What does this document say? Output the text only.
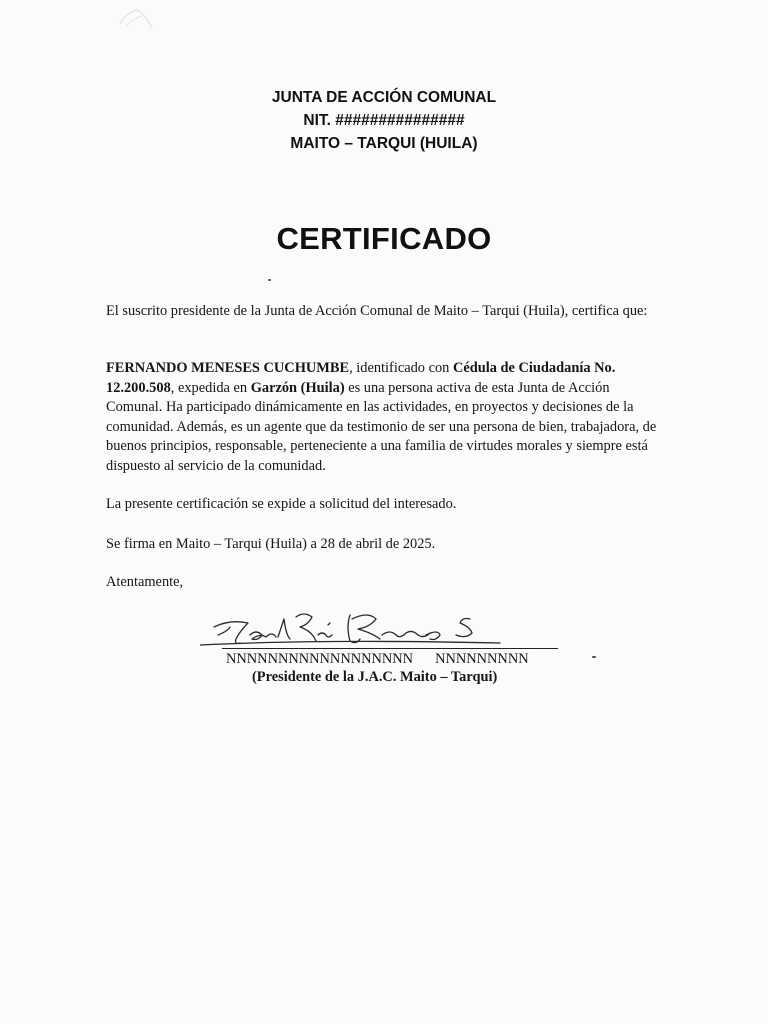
JUNTA DE ACCIÓN COMUNAL
NIT. ###############
MAITO – TARQUI (HUILA)
CERTIFICADO
El suscrito presidente de la Junta de Acción Comunal de Maito – Tarqui (Huila), certifica que:
FERNANDO MENESES CUCHUMBE, identificado con Cédula de Ciudadanía No. 12.200.508, expedida en Garzón (Huila) es una persona activa de esta Junta de Acción Comunal. Ha participado dinámicamente en las actividades, en proyectos y decisiones de la comunidad. Además, es un agente que da testimonio de ser una persona de bien, trabajadora, de buenos principios, responsable, perteneciente a una familia de virtudes morales y siempre está dispuesto al servicio de la comunidad.
La presente certificación se expide a solicitud del interesado.
Se firma en Maito – Tarqui (Huila) a 28 de abril de 2025.
Atentamente,
NNNNNNNNNNNNNNNNNN NNNNNNNNN
(Presidente de la J.A.C. Maito – Tarqui)
